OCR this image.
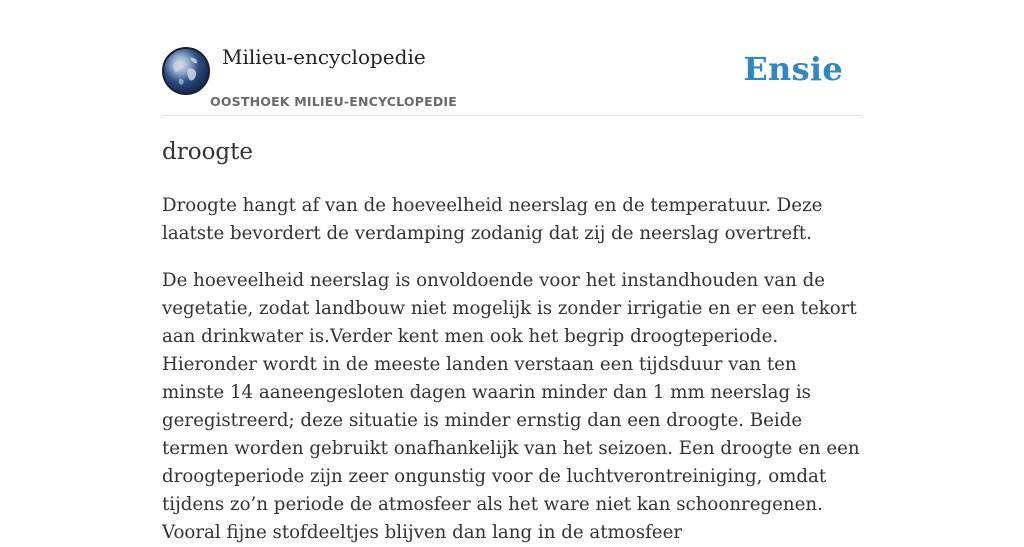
Milieu-encyclopedie
OOSTHOEK MILIEU-ENCYCLOPEDIE
Ensie
droogte

Droogte hangt af van de hoeveelheid neerslag en de temperatuur. Deze laatste bevordert de verdamping zodanig dat zij de neerslag overtreft.

De hoeveelheid neerslag is onvoldoende voor het instandhouden van de vegetatie, zodat landbouw niet mogelijk is zonder irrigatie en er een tekort aan drinkwater is.Verder kent men ook het begrip droogteperiode. Hieronder wordt in de meeste landen verstaan een tijdsduur van ten minste 14 aaneengesloten dagen waarin minder dan 1 mm neerslag is geregistreerd; deze situatie is minder ernstig dan een droogte. Beide termen worden gebruikt onafhankelijk van het seizoen. Een droogte en een droogteperiode zijn zeer ongunstig voor de luchtverontreiniging, omdat tijdens zo’n periode de atmosfeer als het ware niet kan schoonregenen. Vooral fijne stofdeeltjes blijven dan lang in de atmosfeer
